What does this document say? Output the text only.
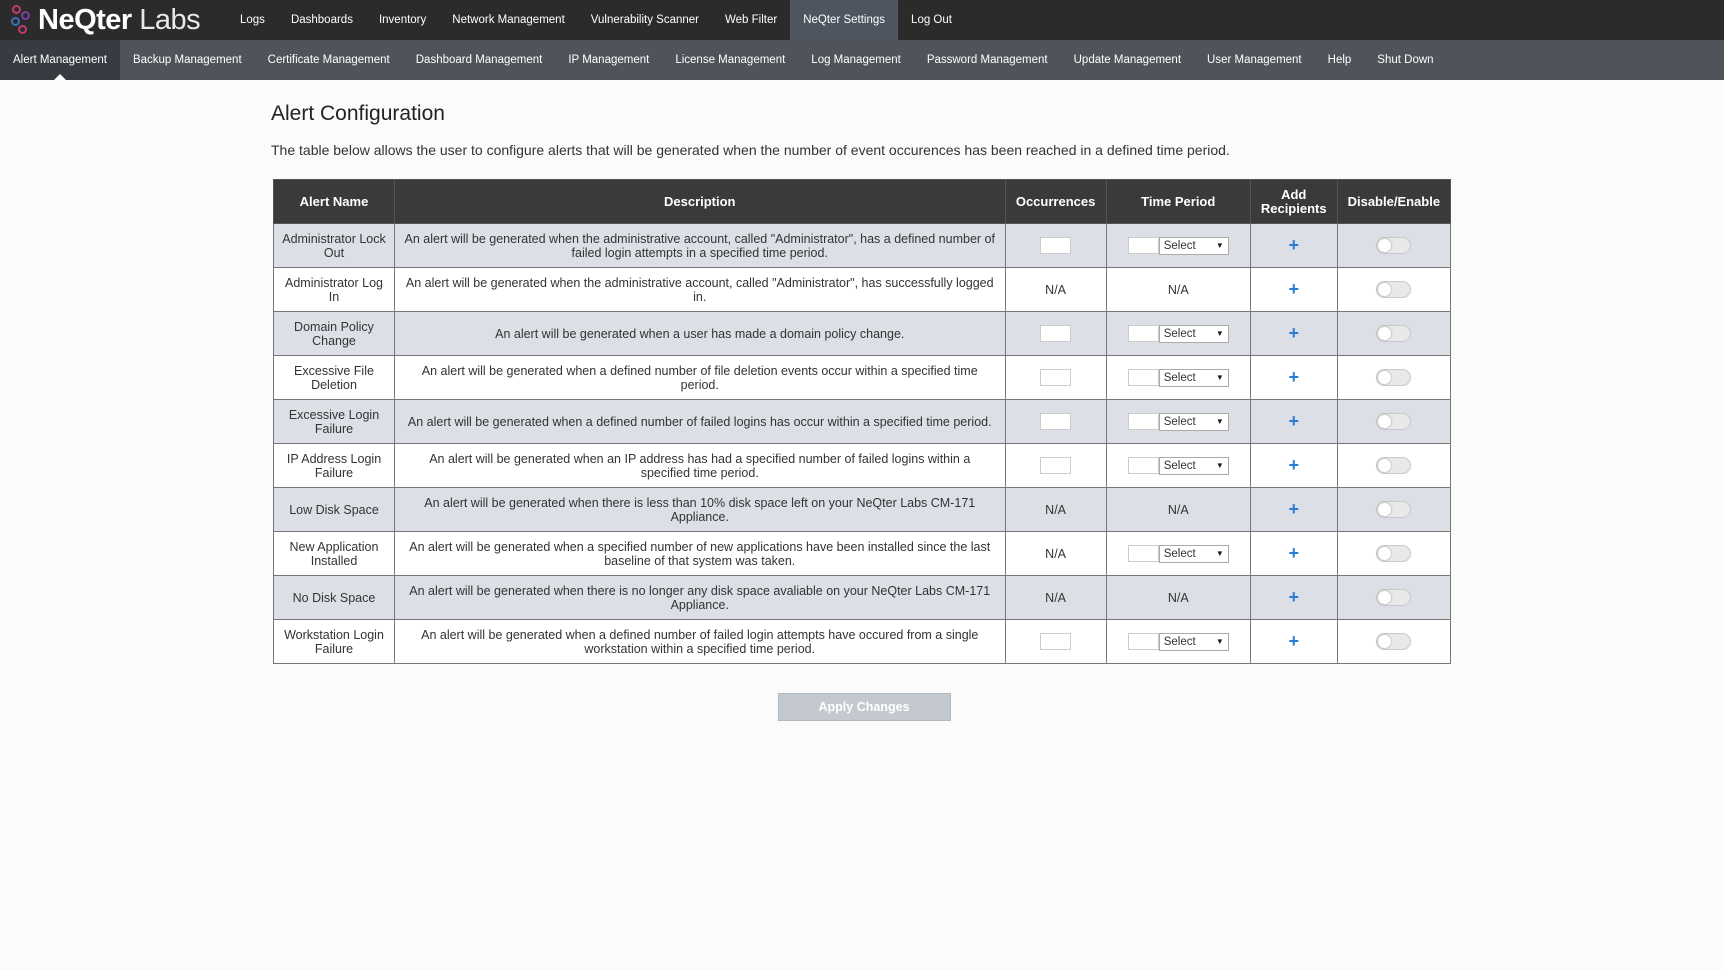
NeQter Labs	Logs	Dashboards	Inventory	Network Management	Vulnerability Scanner	Web Filter	NeQter Settings	Log Out
Alert Management	Backup Management	Certificate Management	Dashboard Management	IP Management	License Management	Log Management	Password Management	Update Management	User Management	Help	Shut Down
Alert Configuration

The table below allows the user to configure alerts that will be generated when the number of event occurences has been reached in a defined time period.

Alert Name	Description	Occurrences	Time Period	Add Recipients	Disable/Enable
Administrator Lock Out	An alert will be generated when the administrative account, called "Administrator", has a defined number of failed login attempts in a specified time period.		Select ▼	+	

Administrator Log In	An alert will be generated when the administrative account, called "Administrator", has successfully logged in.	N/A	N/A	+	

Domain Policy Change	An alert will be generated when a user has made a domain policy change.		Select ▼	+	

Excessive File Deletion	An alert will be generated when a defined number of file deletion events occur within a specified time period.		Select ▼	+	

Excessive Login Failure	An alert will be generated when a defined number of failed logins has occur within a specified time period.		Select ▼	+	

IP Address Login Failure	An alert will be generated when an IP address has had a specified number of failed logins within a specified time period.		Select ▼	+	

Low Disk Space	An alert will be generated when there is less than 10% disk space left on your NeQter Labs CM-171 Appliance.	N/A	N/A	+	

New Application Installed	An alert will be generated when a specified number of new applications have been installed since the last baseline of that system was taken.	N/A	Select ▼	+	

No Disk Space	An alert will be generated when there is no longer any disk space avaliable on your NeQter Labs CM-171 Appliance.	N/A	N/A	+	

Workstation Login Failure	An alert will be generated when a defined number of failed login attempts have occured from a single workstation within a specified time period.		Select ▼	+	
Apply Changes
